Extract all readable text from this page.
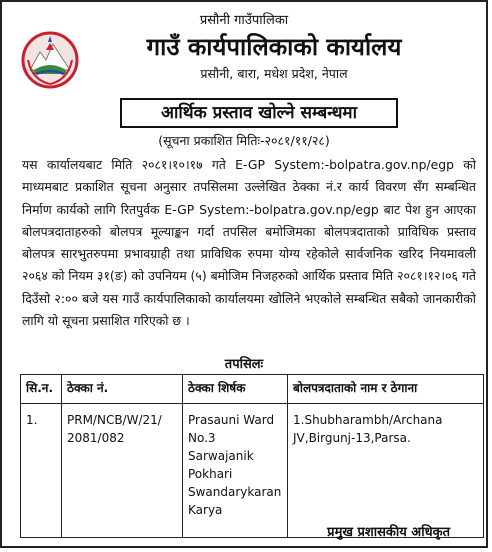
प्रसौनी गाउँपालिका
गाउँ कार्यपालिकाको कार्यालय
प्रसौनी, बारा, मधेश प्रदेश, नेपाल
आर्थिक प्रस्ताव खोल्ने सम्बन्धमा
(सूचना प्रकाशित मितिः-२०८१/११/२८)

यस कार्यालयबाट मिति २०८१।१०।१७ गते E-GP System:-bolpatra.gov.np/egp को माध्यमबाट प्रकाशित सूचना अनुसार तपसिलमा उल्लेखित ठेक्का नं.र कार्य विवरण सँग सम्बन्धित निर्माण कार्यको लागि रितपुर्वक E-GP System:-bolpatra.gov.np/egp बाट पेश हुन आएका बोलपत्रदाताहरुको बोलपत्र मूल्याङ्कन गर्दा तपसिल बमोजिमका बोलपत्रदाताको प्राविधिक प्रस्ताव बोलपत्र सारभुतरुपमा प्रभावग्राही तथा प्राविधिक रुपमा योग्य रहेकोले सार्वजनिक खरिद नियमावली २०६४ को नियम ३१(ङ) को उपनियम (५) बमोजिम निजहरुको आर्थिक प्रस्ताव मिति २०८१।१२।०६ गते दिउँसो २:०० बजे यस गाउँ कार्यपालिकाको कार्यालयमा खोलिने भएकोले सम्बन्धित सबैको जानकारीको लागि यो सूचना प्रसाशित गरिएको छ ।

तपसिलः
सि.न.	ठेक्का नं.	ठेक्का शिर्षक	बोलपत्रदाताको नाम र ठेगाना
1.	PRM/NCB/W/21/ 2081/082	Prasauni Ward No.3 Sarwajanik Pokhari Swandarykaran Karya	1.Shubharambh/Archana JV,Birgunj-13,Parsa.
प्रमुख प्रशासकीय अधिकृत
